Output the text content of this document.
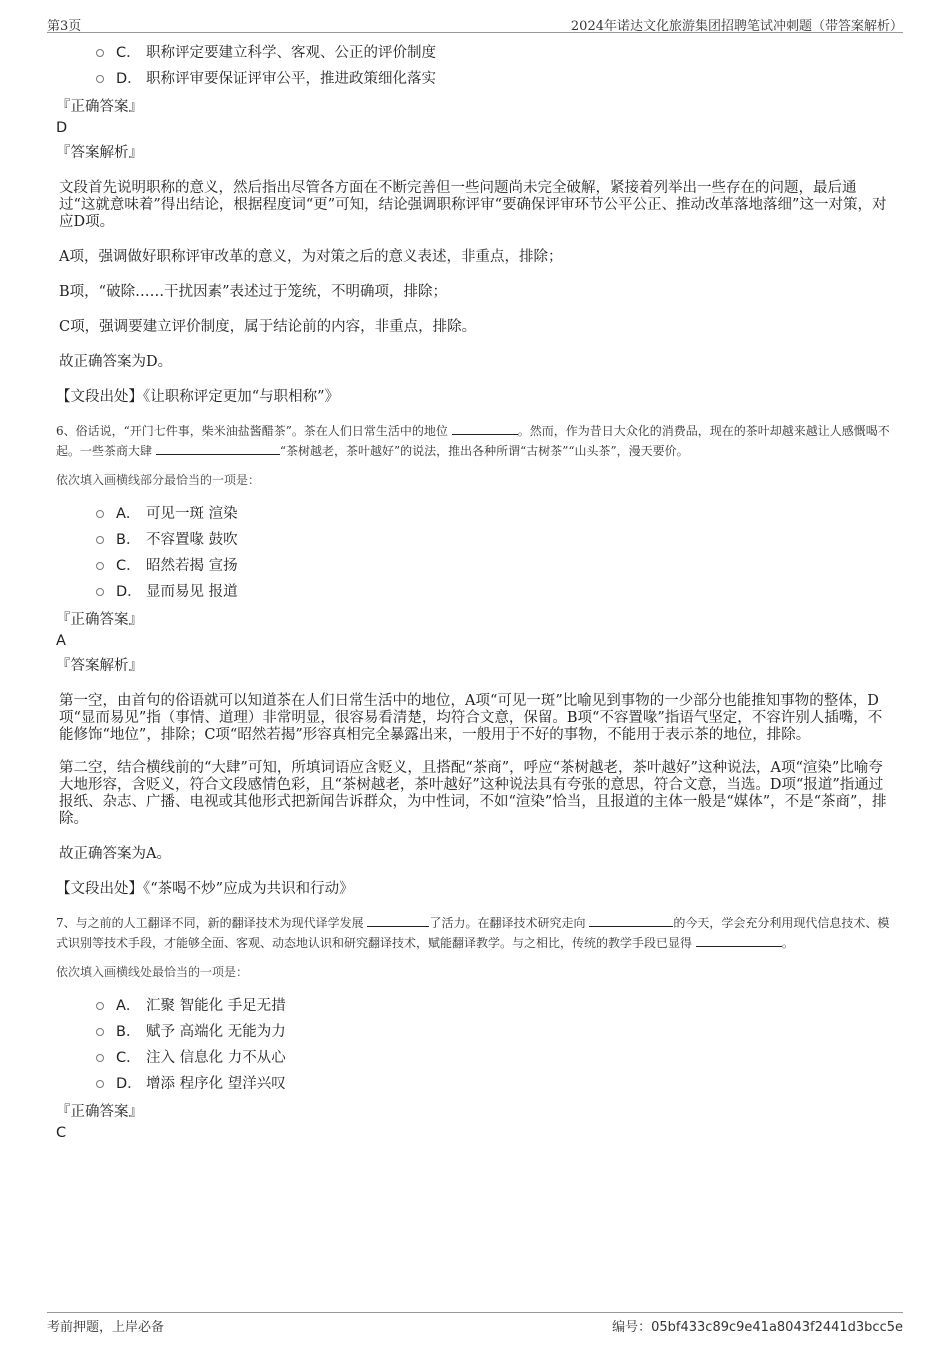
第3页	2024年诺达文化旅游集团招聘笔试冲刺题（带答案解析）
C． 职称评定要建立科学、客观、公正的评价制度
D． 职称评审要保证评审公平，推进政策细化落实
『正确答案』
D
『答案解析』
文段首先说明职称的意义，然后指出尽管各方面在不断完善但一些问题尚未完全破解，紧接着列举出一些存在的问题，最后通过“这就意味着”得出结论，根据程度词“更”可知，结论强调职称评审“要确保评审环节公平公正、推动改革落地落细”这一对策，对应D项。
A项，强调做好职称评审改革的意义，为对策之后的意义表述，非重点，排除；
B项，“破除……干扰因素”表述过于笼统，不明确项，排除；
C项，强调要建立评价制度，属于结论前的内容，非重点，排除。
故正确答案为D。
【文段出处】《让职称评定更加“与职相称”》
6、俗话说，“开门七件事，柴米油盐酱醋茶”。茶在人们日常生活中的地位	。然而，作为昔日大众化的消费品，现在的茶叶却越来越让人感慨喝不起。一些茶商大肆	“茶树越老，茶叶越好”的说法，推出各种所谓“古树茶”“山头茶”，漫天要价。
依次填入画横线部分最恰当的一项是：
A． 可见一斑 渲染
B． 不容置喙 鼓吹
C． 昭然若揭 宣扬
D． 显而易见 报道
『正确答案』
A
『答案解析』
第一空，由首句的俗语就可以知道茶在人们日常生活中的地位，A项“可见一斑”比喻见到事物的一少部分也能推知事物的整体，D项“显而易见”指（事情、道理）非常明显，很容易看清楚，均符合文意，保留。B项“不容置喙”指语气坚定，不容许别人插嘴，不能修饰“地位”，排除；C项“昭然若揭”形容真相完全暴露出来，一般用于不好的事物，不能用于表示茶的地位，排除。
第二空，结合横线前的“大肆”可知，所填词语应含贬义，且搭配“茶商”，呼应“茶树越老，茶叶越好”这种说法，A项“渲染”比喻夸大地形容，含贬义，符合文段感情色彩，且“茶树越老，茶叶越好”这种说法具有夸张的意思，符合文意，当选。D项“报道”指通过报纸、杂志、广播、电视或其他形式把新闻告诉群众，为中性词，不如“渲染”恰当，且报道的主体一般是“媒体”，不是“茶商”，排除。
故正确答案为A。
【文段出处】《“茶喝不炒”应成为共识和行动》
7、与之前的人工翻译不同，新的翻译技术为现代译学发展	了活力。在翻译技术研究走向	的今天，学会充分利用现代信息技术、模式识别等技术手段，才能够全面、客观、动态地认识和研究翻译技术，赋能翻译教学。与之相比，传统的教学手段已显得	。
依次填入画横线处最恰当的一项是：
A． 汇聚 智能化 手足无措
B． 赋予 高端化 无能为力
C． 注入 信息化 力不从心
D． 增添 程序化 望洋兴叹
『正确答案』
C
考前押题，上岸必备	编号：05bf433c89c9e41a8043f2441d3bcc5e
